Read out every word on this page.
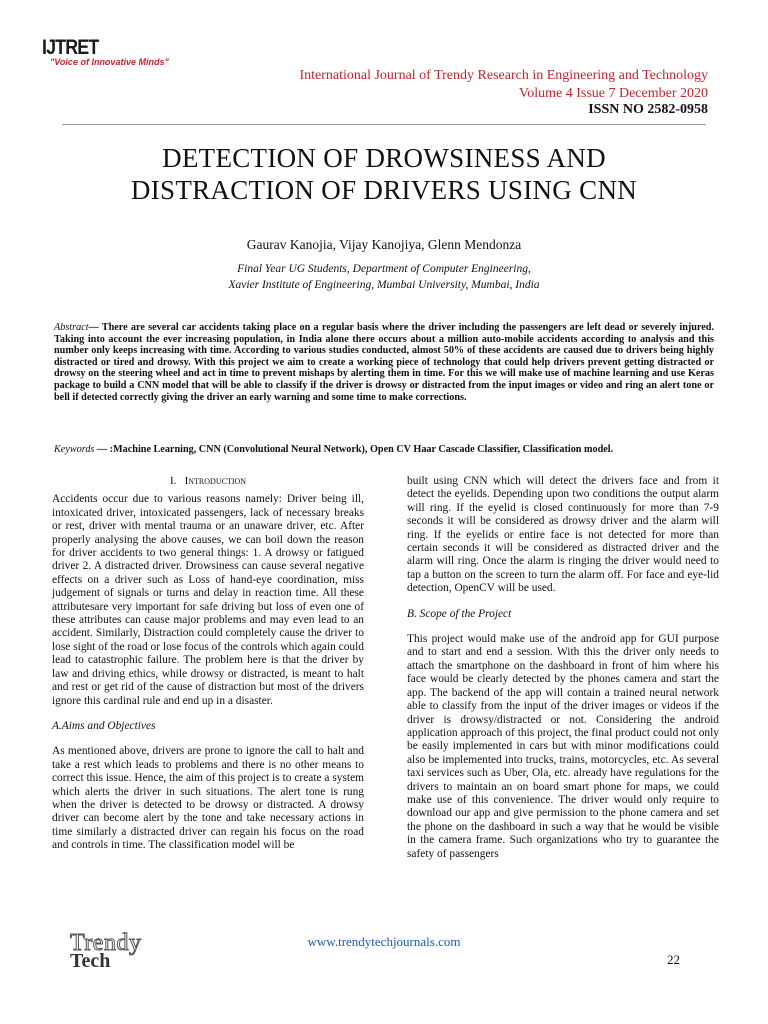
IJTRET
"Voice of Innovative Minds"
International Journal of Trendy Research in Engineering and Technology
Volume 4 Issue 7 December 2020
ISSN NO 2582-0958
DETECTION OF DROWSINESS AND
DISTRACTION OF DRIVERS USING CNN
Gaurav Kanojia, Vijay Kanojiya, Glenn Mendonza
Final Year UG Students, Department of Computer Engineering,
Xavier Institute of Engineering, Mumbai University, Mumbai, India
Abstract— There are several car accidents taking place on a regular basis where the driver including the passengers are left dead or severely injured. Taking into account the ever increasing population, in India alone there occurs about a million auto-mobile accidents according to analysis and this number only keeps increasing with time. According to various studies conducted, almost 50% of these accidents are caused due to drivers being highly distracted or tired and drowsy. With this project we aim to create a working piece of technology that could help drivers prevent getting distracted or drowsy on the steering wheel and act in time to prevent mishaps by alerting them in time. For this we will make use of machine learning and use Keras package to build a CNN model that will be able to classify if the driver is drowsy or distracted from the input images or video and ring an alert tone or bell if detected correctly giving the driver an early warning and some time to make corrections.
Keywords — :Machine Learning, CNN (Convolutional Neural Network), Open CV Haar Cascade Classifier, Classification model.
I. Introduction

Accidents occur due to various reasons namely: Driver being ill, intoxicated driver, intoxicated passengers, lack of necessary breaks or rest, driver with mental trauma or an unaware driver, etc. After properly analysing the above causes, we can boil down the reason for driver accidents to two general things: 1. A drowsy or fatigued driver 2. A distracted driver. Drowsiness can cause several negative effects on a driver such as Loss of hand-eye coordination, miss judgement of signals or turns and delay in reaction time. All these attributesare very important for safe driving but loss of even one of these attributes can cause major problems and may even lead to an accident. Similarly, Distraction could completely cause the driver to lose sight of the road or lose focus of the controls which again could lead to catastrophic failure. The problem here is that the driver by law and driving ethics, while drowsy or distracted, is meant to halt and rest or get rid of the cause of distraction but most of the drivers ignore this cardinal rule and end up in a disaster.

A.Aims and Objectives

As mentioned above, drivers are prone to ignore the call to halt and take a rest which leads to problems and there is no other means to correct this issue. Hence, the aim of this project is to create a system which alerts the driver in such situations. The alert tone is rung when the driver is detected to be drowsy or distracted. A drowsy driver can become alert by the tone and take necessary actions in time similarly a distracted driver can regain his focus on the road and controls in time. The classification model will be

built using CNN which will detect the drivers face and from it detect the eyelids. Depending upon two conditions the output alarm will ring. If the eyelid is closed continuously for more than 7-9 seconds it will be considered as drowsy driver and the alarm will ring. If the eyelids or entire face is not detected for more than certain seconds it will be considered as distracted driver and the alarm will ring. Once the alarm is ringing the driver would need to tap a button on the screen to turn the alarm off. For face and eye-lid detection, OpenCV will be used.

B. Scope of the Project

This project would make use of the android app for GUI purpose and to start and end a session. With this the driver only needs to attach the smartphone on the dashboard in front of him where his face would be clearly detected by the phones camera and start the app. The backend of the app will contain a trained neural network able to classify from the input of the driver images or videos if the driver is drowsy/distracted or not. Considering the android application approach of this project, the final product could not only be easily implemented in cars but with minor modifications could also be implemented into trucks, trains, motorcycles, etc. As several taxi services such as Uber, Ola, etc. already have regulations for the drivers to maintain an on board smart phone for maps, we could make use of this convenience. The driver would only require to download our app and give permission to the phone camera and set the phone on the dashboard in such a way that he would be visible in the camera frame. Such organizations who try to guarantee the safety of passengers

Trendy
Tech
www.trendytechjournals.com
22
